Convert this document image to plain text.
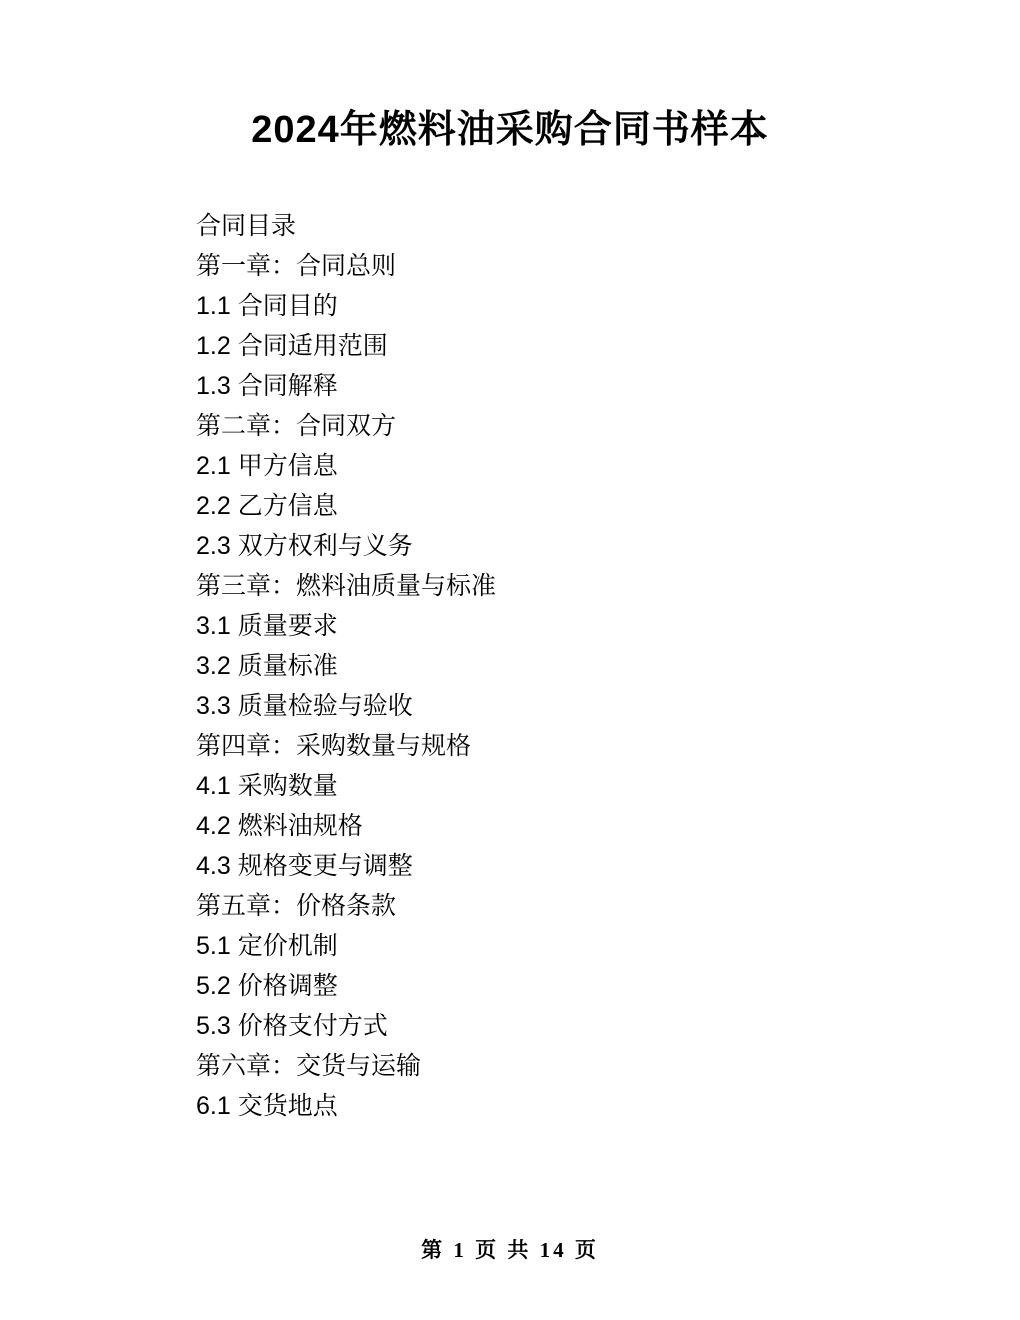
2024年燃料油采购合同书样本
合同目录
第一章：合同总则
1.1 合同目的
1.2 合同适用范围
1.3 合同解释
第二章：合同双方
2.1 甲方信息
2.2 乙方信息
2.3 双方权利与义务
第三章：燃料油质量与标准
3.1 质量要求
3.2 质量标准
3.3 质量检验与验收
第四章：采购数量与规格
4.1 采购数量
4.2 燃料油规格
4.3 规格变更与调整
第五章：价格条款
5.1 定价机制
5.2 价格调整
5.3 价格支付方式
第六章：交货与运输
6.1 交货地点
第 1 页 共 14 页
